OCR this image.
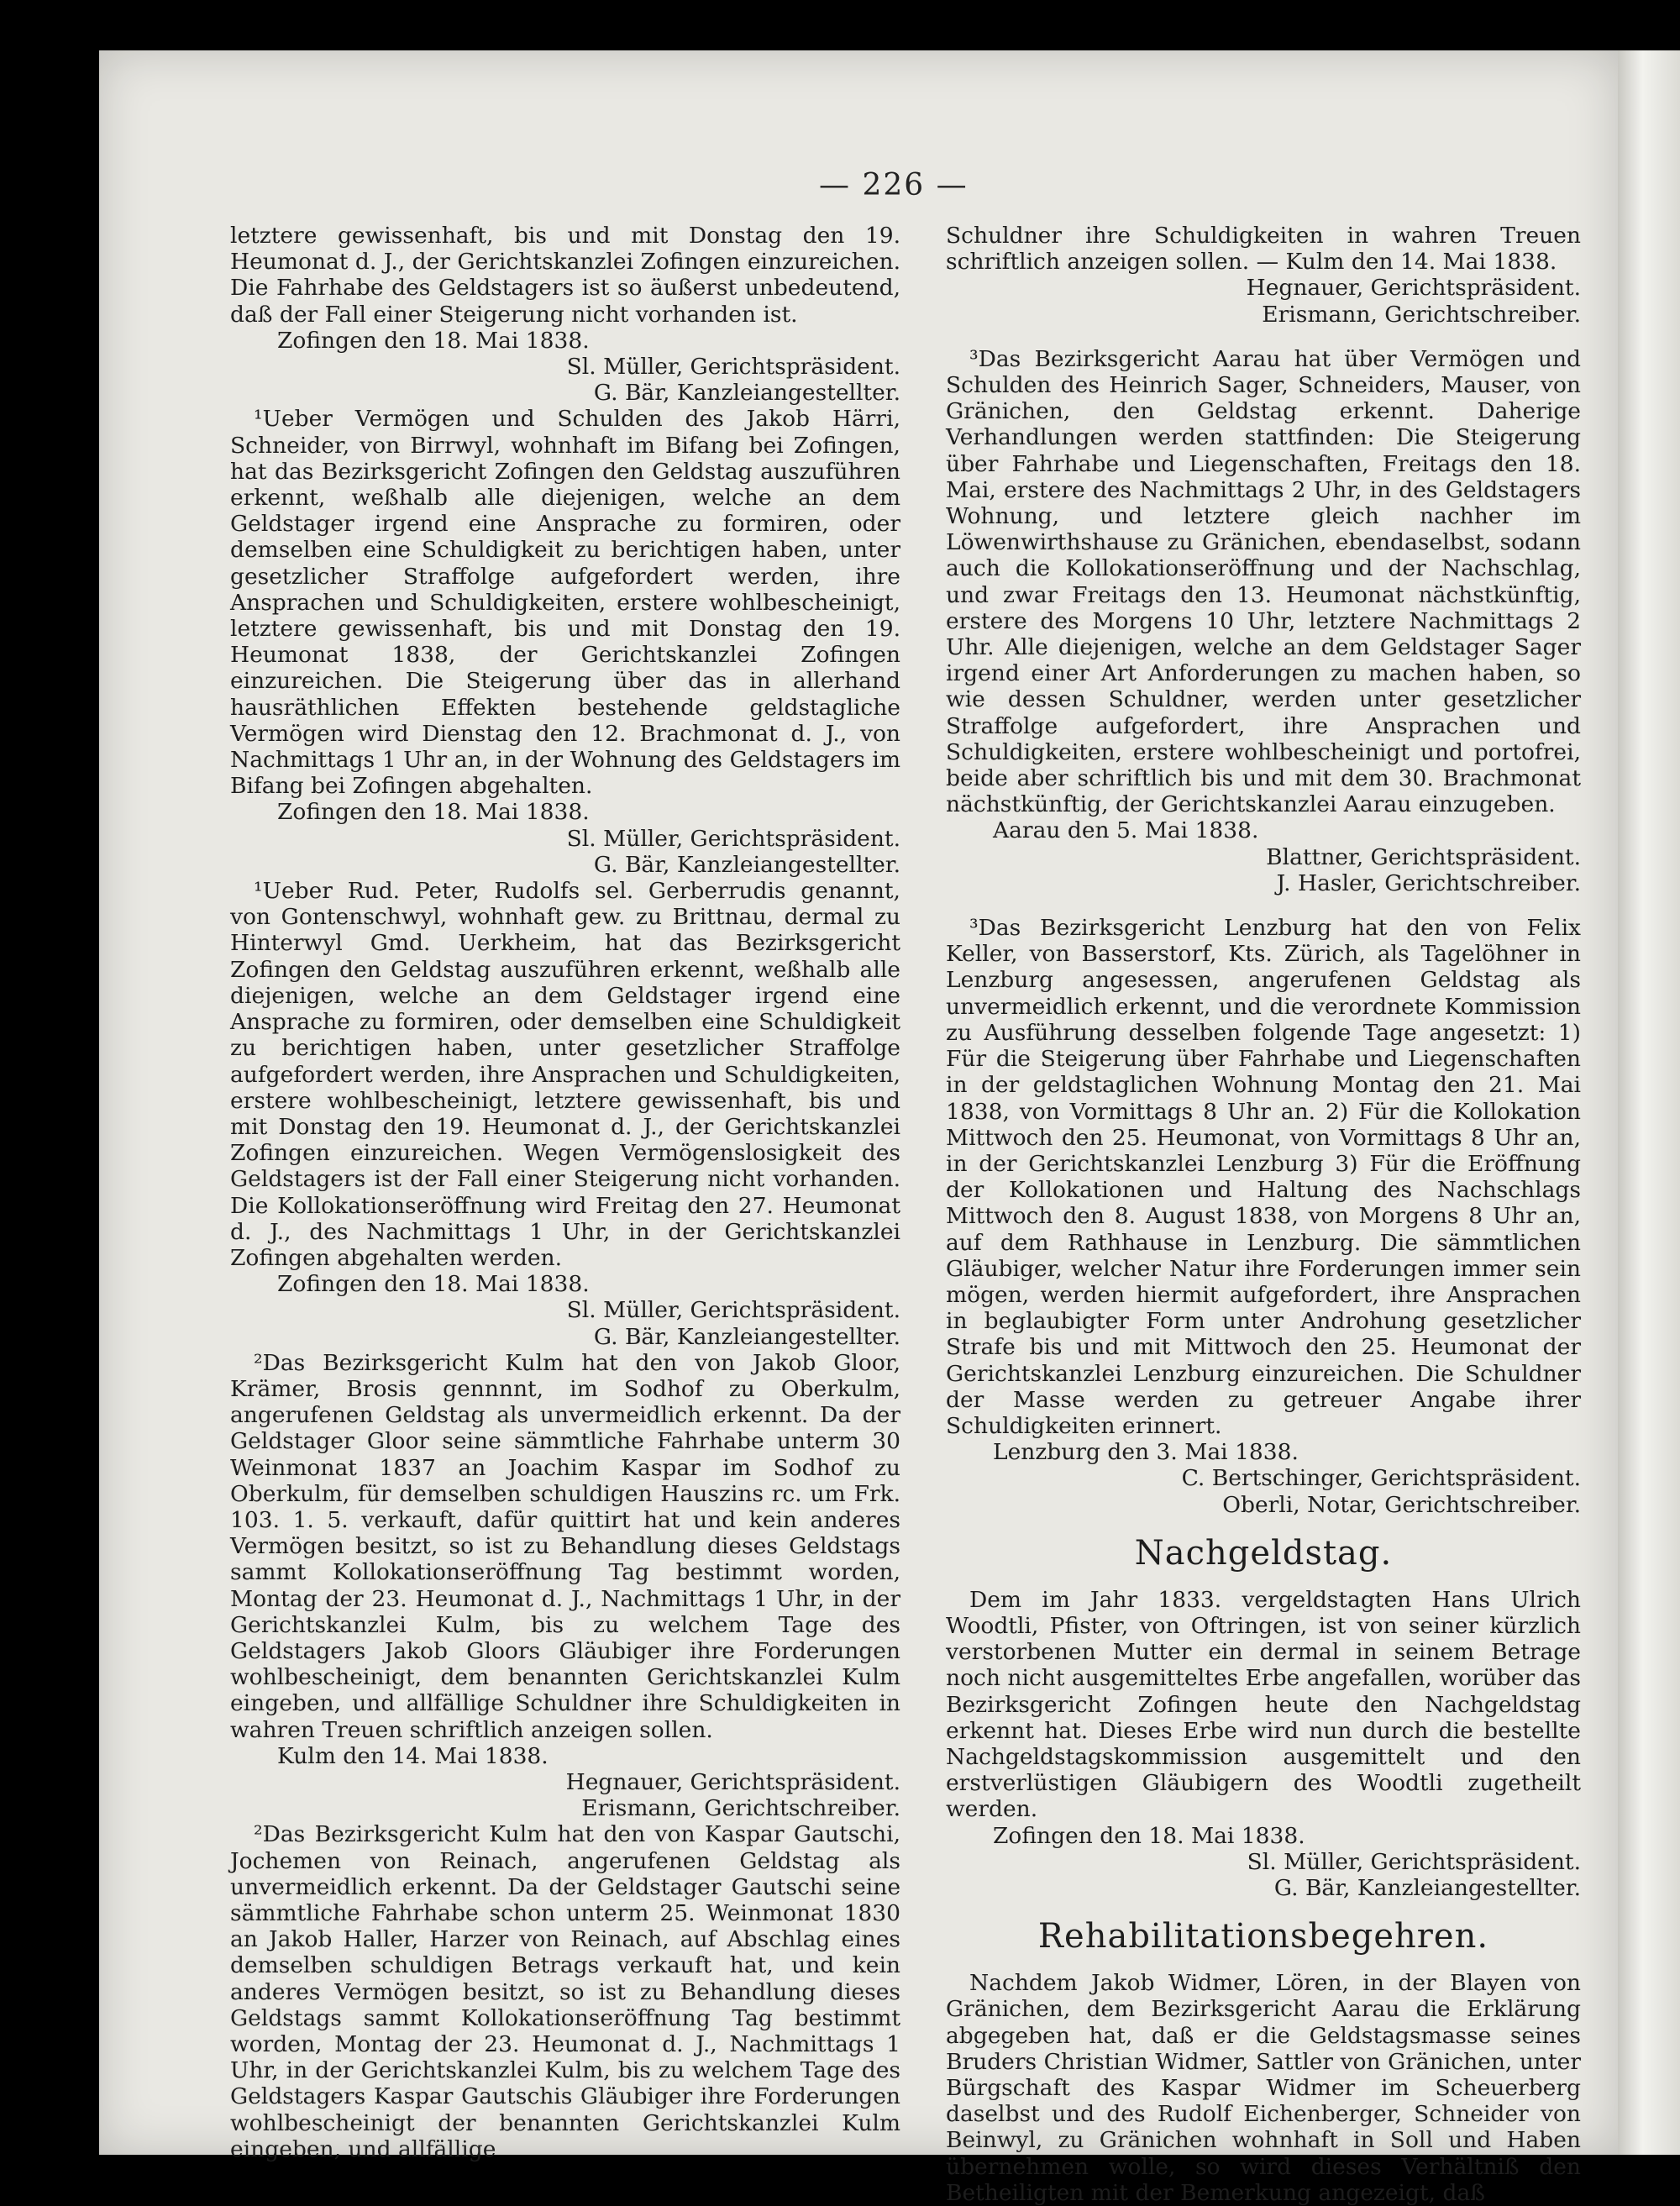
— 226 —

letztere gewissenhaft, bis und mit Donstag den 19. Heumonat d. J., der Gerichtskanzlei Zofingen einzureichen. Die Fahrhabe des Geldstagers ist so äußerst unbedeutend, daß der Fall einer Steigerung nicht vorhanden ist.

Zofingen den 18. Mai 1838.

Sl. Müller, Gerichtspräsident.

G. Bär, Kanzleiangestellter.

¹Ueber Vermögen und Schulden des Jakob Härri, Schneider, von Birrwyl, wohnhaft im Bifang bei Zofingen, hat das Bezirksgericht Zofingen den Geldstag auszuführen erkennt, weßhalb alle diejenigen, welche an dem Geldstager irgend eine Ansprache zu formiren, oder demselben eine Schuldigkeit zu berichtigen haben, unter gesetzlicher Straffolge aufgefordert werden, ihre Ansprachen und Schuldigkeiten, erstere wohlbescheinigt, letztere gewissenhaft, bis und mit Donstag den 19. Heumonat 1838, der Gerichtskanzlei Zofingen einzureichen. Die Steigerung über das in allerhand hausräthlichen Effekten bestehende geldstagliche Vermögen wird Dienstag den 12. Brachmonat d. J., von Nachmittags 1 Uhr an, in der Wohnung des Geldstagers im Bifang bei Zofingen abgehalten.

Zofingen den 18. Mai 1838.

Sl. Müller, Gerichtspräsident.

G. Bär, Kanzleiangestellter.

¹Ueber Rud. Peter, Rudolfs sel. Gerberrudis genannt, von Gontenschwyl, wohnhaft gew. zu Brittnau, dermal zu Hinterwyl Gmd. Uerkheim, hat das Bezirksgericht Zofingen den Geldstag auszuführen erkennt, weßhalb alle diejenigen, welche an dem Geldstager irgend eine Ansprache zu formiren, oder demselben eine Schuldigkeit zu berichtigen haben, unter gesetzlicher Straffolge aufgefordert werden, ihre Ansprachen und Schuldigkeiten, erstere wohlbescheinigt, letztere gewissenhaft, bis und mit Donstag den 19. Heumonat d. J., der Gerichtskanzlei Zofingen einzureichen. Wegen Vermögenslosigkeit des Geldstagers ist der Fall einer Steigerung nicht vorhanden. Die Kollokationseröffnung wird Freitag den 27. Heumonat d. J., des Nachmittags 1 Uhr, in der Gerichtskanzlei Zofingen abgehalten werden.

Zofingen den 18. Mai 1838.

Sl. Müller, Gerichtspräsident.

G. Bär, Kanzleiangestellter.

²Das Bezirksgericht Kulm hat den von Jakob Gloor, Krämer, Brosis gennnnt, im Sodhof zu Oberkulm, angerufenen Geldstag als unvermeidlich erkennt. Da der Geldstager Gloor seine sämmtliche Fahrhabe unterm 30 Weinmonat 1837 an Joachim Kaspar im Sodhof zu Oberkulm, für demselben schuldigen Hauszins rc. um Frk. 103. 1. 5. verkauft, dafür quittirt hat und kein anderes Vermögen besitzt, so ist zu Behandlung dieses Geldstags sammt Kollokationseröffnung Tag bestimmt worden, Montag der 23. Heumonat d. J., Nachmittags 1 Uhr, in der Gerichtskanzlei Kulm, bis zu welchem Tage des Geldstagers Jakob Gloors Gläubiger ihre Forderungen wohlbescheinigt, dem benannten Gerichtskanzlei Kulm eingeben, und allfällige Schuldner ihre Schuldigkeiten in wahren Treuen schriftlich anzeigen sollen.

Kulm den 14. Mai 1838.

Hegnauer, Gerichtspräsident.

Erismann, Gerichtschreiber.

²Das Bezirksgericht Kulm hat den von Kaspar Gautschi, Jochemen von Reinach, angerufenen Geldstag als unvermeidlich erkennt. Da der Geldstager Gautschi seine sämmtliche Fahrhabe schon unterm 25. Weinmonat 1830 an Jakob Haller, Harzer von Reinach, auf Abschlag eines demselben schuldigen Betrags verkauft hat, und kein anderes Vermögen besitzt, so ist zu Behandlung dieses Geldstags sammt Kollokationseröffnung Tag bestimmt worden, Montag der 23. Heumonat d. J., Nachmittags 1 Uhr, in der Gerichtskanzlei Kulm, bis zu welchem Tage des Geldstagers Kaspar Gautschis Gläubiger ihre Forderungen wohlbescheinigt der benannten Gerichtskanzlei Kulm eingeben, und allfällige

Schuldner ihre Schuldigkeiten in wahren Treuen schriftlich anzeigen sollen. — Kulm den 14. Mai 1838.

Hegnauer, Gerichtspräsident.

Erismann, Gerichtschreiber.

³Das Bezirksgericht Aarau hat über Vermögen und Schulden des Heinrich Sager, Schneiders, Mauser, von Gränichen, den Geldstag erkennt. Daherige Verhandlungen werden stattfinden: Die Steigerung über Fahrhabe und Liegenschaften, Freitags den 18. Mai, erstere des Nachmittags 2 Uhr, in des Geldstagers Wohnung, und letztere gleich nachher im Löwenwirthshause zu Gränichen, ebendaselbst, sodann auch die Kollokationseröffnung und der Nachschlag, und zwar Freitags den 13. Heumonat nächstkünftig, erstere des Morgens 10 Uhr, letztere Nachmittags 2 Uhr. Alle diejenigen, welche an dem Geldstager Sager irgend einer Art Anforderungen zu machen haben, so wie dessen Schuldner, werden unter gesetzlicher Straffolge aufgefordert, ihre Ansprachen und Schuldigkeiten, erstere wohlbescheinigt und portofrei, beide aber schriftlich bis und mit dem 30. Brachmonat nächstkünftig, der Gerichtskanzlei Aarau einzugeben.

Aarau den 5. Mai 1838.

Blattner, Gerichtspräsident.

J. Hasler, Gerichtschreiber.

³Das Bezirksgericht Lenzburg hat den von Felix Keller, von Basserstorf, Kts. Zürich, als Tagelöhner in Lenzburg angesessen, angerufenen Geldstag als unvermeidlich erkennt, und die verordnete Kommission zu Ausführung desselben folgende Tage angesetzt: 1) Für die Steigerung über Fahrhabe und Liegenschaften in der geldstaglichen Wohnung Montag den 21. Mai 1838, von Vormittags 8 Uhr an. 2) Für die Kollokation Mittwoch den 25. Heumonat, von Vormittags 8 Uhr an, in der Gerichtskanzlei Lenzburg 3) Für die Eröffnung der Kollokationen und Haltung des Nachschlags Mittwoch den 8. August 1838, von Morgens 8 Uhr an, auf dem Rathhause in Lenzburg. Die sämmtlichen Gläubiger, welcher Natur ihre Forderungen immer sein mögen, werden hiermit aufgefordert, ihre Ansprachen in beglaubigter Form unter Androhung gesetzlicher Strafe bis und mit Mittwoch den 25. Heumonat der Gerichtskanzlei Lenzburg einzureichen. Die Schuldner der Masse werden zu getreuer Angabe ihrer Schuldigkeiten erinnert.

Lenzburg den 3. Mai 1838.

C. Bertschinger, Gerichtspräsident.

Oberli, Notar, Gerichtschreiber.

Nachgeldstag.

Dem im Jahr 1833. vergeldstagten Hans Ulrich Woodtli, Pfister, von Oftringen, ist von seiner kürzlich verstorbenen Mutter ein dermal in seinem Betrage noch nicht ausgemitteltes Erbe angefallen, worüber das Bezirksgericht Zofingen heute den Nachgeldstag erkennt hat. Dieses Erbe wird nun durch die bestellte Nachgeldstagskommission ausgemittelt und den erstverlüstigen Gläubigern des Woodtli zugetheilt werden.

Zofingen den 18. Mai 1838.

Sl. Müller, Gerichtspräsident.

G. Bär, Kanzleiangestellter.

Rehabilitationsbegehren.

Nachdem Jakob Widmer, Lören, in der Blayen von Gränichen, dem Bezirksgericht Aarau die Erklärung abgegeben hat, daß er die Geldstagsmasse seines Bruders Christian Widmer, Sattler von Gränichen, unter Bürgschaft des Kaspar Widmer im Scheuerberg daselbst und des Rudolf Eichenberger, Schneider von Beinwyl, zu Gränichen wohnhaft in Soll und Haben übernehmen wolle, so wird dieses Verhältniß den Betheiligten mit der Bemerkung angezeigt, daß
